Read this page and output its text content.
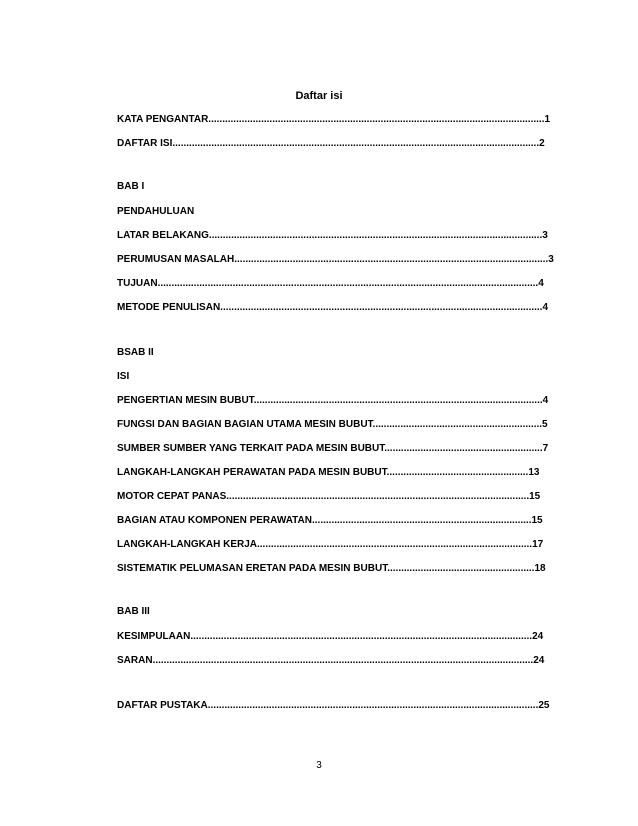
Daftar isi
KATA PENGANTAR.........................................................................................................................1
DAFTAR ISI....................................................................................................................................2
BAB I
PENDAHULUAN
LATAR BELAKANG........................................................................................................................3
PERUMUSAN MASALAH.................................................................................................................3
TUJUAN.........................................................................................................................................4
METODE PENULISAN....................................................................................................................4
BSAB II
ISI
PENGERTIAN MESIN BUBUT........................................................................................................4
FUNGSI DAN BAGIAN BAGIAN UTAMA MESIN BUBUT.............................................................5
SUMBER SUMBER YANG TERKAIT PADA MESIN BUBUT.........................................................7
LANGKAH-LANGKAH PERAWATAN PADA MESIN BUBUT...................................................13
MOTOR CEPAT PANAS.............................................................................................................15
BAGIAN ATAU KOMPONEN PERAWATAN...............................................................................15
LANGKAH-LANGKAH KERJA...................................................................................................17
SISTEMATIK PELUMASAN ERETAN PADA MESIN BUBUT.....................................................18
BAB III
KESIMPULAAN...........................................................................................................................24
SARAN.........................................................................................................................................24
DAFTAR PUSTAKA.......................................................................................................................25
3
